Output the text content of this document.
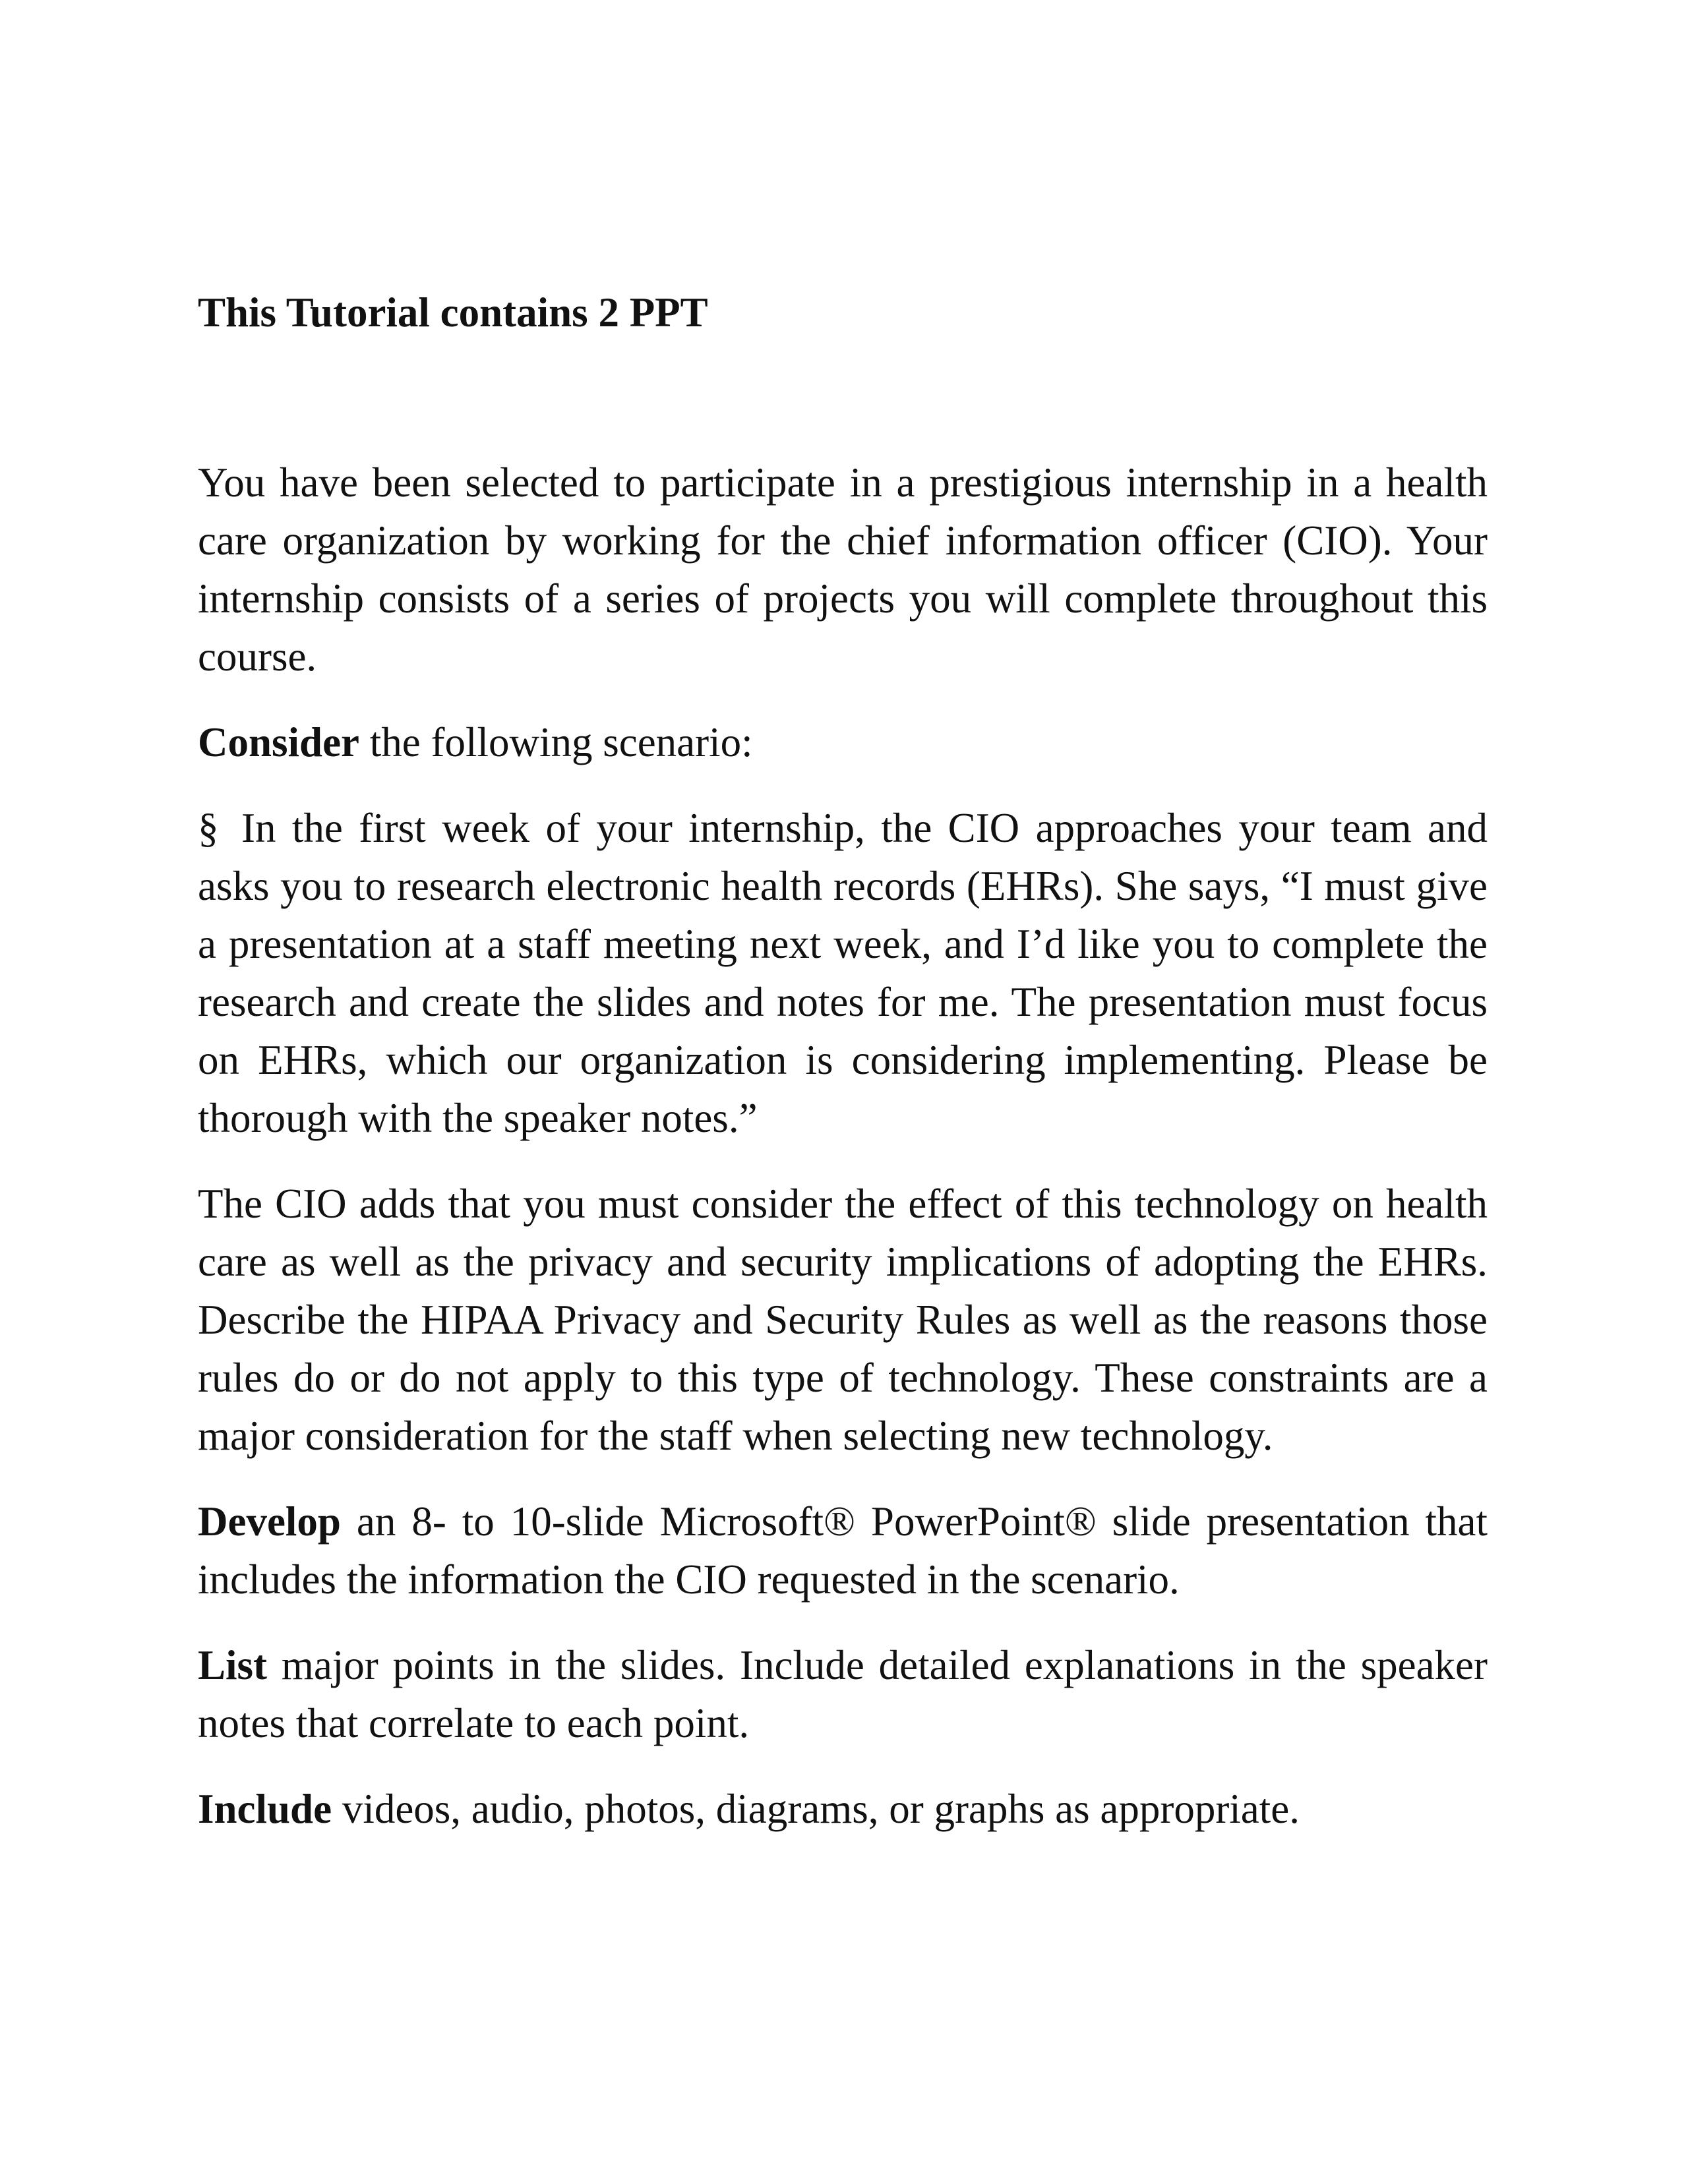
This Tutorial contains 2 PPT

You have been selected to participate in a prestigious internship in a health care organization by working for the chief information officer (CIO). Your internship consists of a series of projects you will complete throughout this course.

Consider the following scenario:

§ In the first week of your internship, the CIO approaches your team and asks you to research electronic health records (EHRs). She says, “I must give a presentation at a staff meeting next week, and I’d like you to complete the research and create the slides and notes for me. The presentation must focus on EHRs, which our organization is considering implementing. Please be thorough with the speaker notes.”

The CIO adds that you must consider the effect of this technology on health care as well as the privacy and security implications of adopting the EHRs. Describe the HIPAA Privacy and Security Rules as well as the reasons those rules do or do not apply to this type of technology. These constraints are a major consideration for the staff when selecting new technology.

Develop an 8- to 10-slide Microsoft® PowerPoint® slide presentation that includes the information the CIO requested in the scenario.

List major points in the slides. Include detailed explanations in the speaker notes that correlate to each point.

Include videos, audio, photos, diagrams, or graphs as appropriate.
